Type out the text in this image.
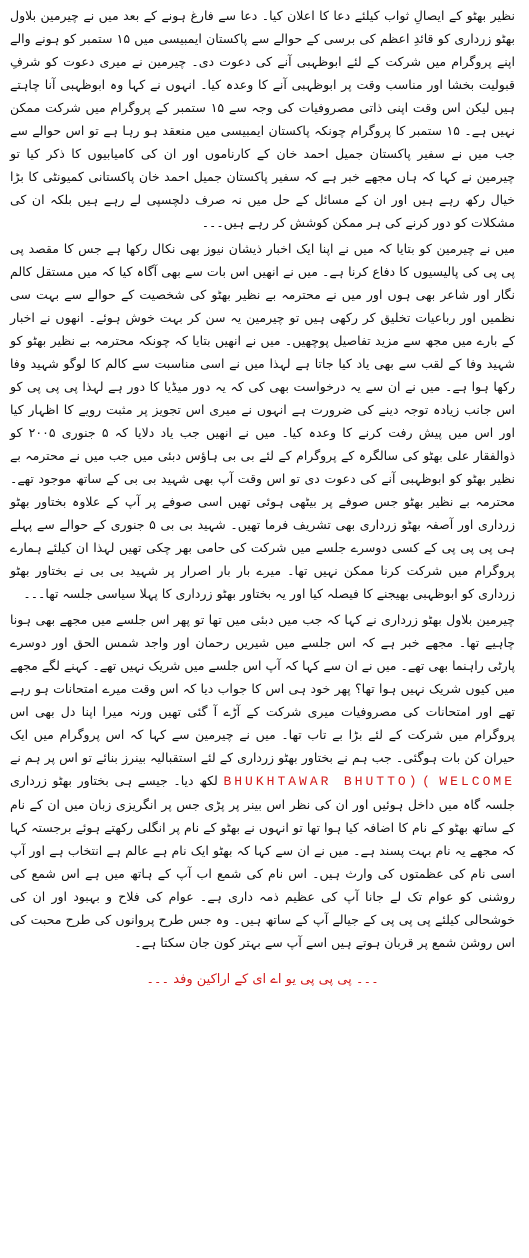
نظیر بھٹو کے ایصالِ ثواب کیلئے دعا کا اعلان کیا۔ دعا سے فارغ ہونے کے بعد میں نے چیرمین بلاول بھٹو زرداری کو قائدِ اعظم کی برسی کے حوالے سے پاکستان ایمبیسی میں ۱۵ ستمبر کو ہونے والے اپنے پروگرام میں شرکت کے لئے ابوظہبی آنے کی دعوت دی۔ چیرمین نے میری دعوت کو شرفِ قبولیت بخشا اور مناسب وقت پر ابوظہبی آنے کا وعدہ کیا۔ انہوں نے کہا وہ ابوظہبی آنا چاہتے ہیں لیکن اس وقت اپنی ذاتی مصروفیات کی وجہ سے ۱۵ ستمبر کے پروگرام میں شرکت ممکن نہیں ہے۔ ۱۵ ستمبر کا پروگرام چونکہ پاکستان ایمبیسی میں منعقد ہو رہا ہے تو اس حوالے سے جب میں نے سفیر پاکستان جمیل احمد خان کے کارناموں اور ان کی کامیابیوں کا ذکر کیا تو چیرمین نے کہا کہ ہاں مجھے خبر ہے کہ سفیر پاکستان جمیل احمد خان پاکستانی کمیونٹی کا بڑا خیال رکھ رہے ہیں اور ان کے مسائل کے حل میں نہ صرف دلچسپی لے رہے ہیں بلکہ ان کی مشکلات کو دور کرنے کی ہر ممکن کوشش کر رہے ہیں۔۔۔

میں نے چیرمین کو بتایا کہ میں نے اپنا ایک اخبار ذیشان نیوز بھی نکال رکھا ہے جس کا مقصد پی پی پی کی پالیسیوں کا دفاع کرنا ہے۔ میں نے انھیں اس بات سے بھی آگاہ کیا کہ میں مستقل کالم نگار اور شاعر بھی ہوں اور میں نے محترمہ بے نظیر بھٹو کی شخصیت کے حوالے سے بہت سی نظمیں اور رباعیات تخلیق کر رکھی ہیں تو چیرمین یہ سن کر بہت خوش ہوئے۔ انھوں نے اخبار کے بارے میں مجھ سے مزید تفاصیل پوچھیں۔ میں نے انھیں بتایا کہ چونکہ محترمہ بے نظیر بھٹو کو شہید وفا کے لقب سے بھی یاد کیا جاتا ہے لہذا میں نے اسی مناسبت سے کالم کا لوگو شہید وفا رکھا ہوا ہے۔ میں نے ان سے یہ درخواست بھی کی کہ یہ دور میڈیا کا دور ہے لہذا پی پی پی کو اس جانب زیادہ توجہ دینے کی ضرورت ہے انہوں نے میری اس تجویز پر مثبت رویے کا اظہار کیا اور اس میں پیش رفت کرنے کا وعدہ کیا۔ میں نے انھیں جب یاد دلایا کہ ۵ جنوری ۲۰۰۵ کو ذوالفقار علی بھٹو کی سالگرہ کے پروگرام کے لئے بی بی ہاؤس دبئی میں جب میں نے محترمہ بے نظیر بھٹو کو ابوظہبی آنے کی دعوت دی تو اس وقت آپ بھی شہید بی بی کے ساتھ موجود تھے۔ محترمہ بے نظیر بھٹو جس صوفے پر بیٹھی ہوئی تھیں اسی صوفے پر آپ کے علاوہ بختاور بھٹو زرداری اور آصفہ بھٹو زرداری بھی تشریف فرما تھیں۔ شہید بی بی ۵ جنوری کے حوالے سے پہلے ہی پی پی پی کے کسی دوسرے جلسے میں شرکت کی حامی بھر چکی تھیں لہذا ان کیلئے ہمارے پروگرام میں شرکت کرنا ممکن نہیں تھا۔ میرے بار بار اصرار پر شہید بی بی نے بختاور بھٹو زرداری کو ابوظہبی بھیجنے کا فیصلہ کیا اور یہ بختاور بھٹو زرداری کا پہلا سیاسی جلسہ تھا۔۔۔

چیرمین بلاول بھٹو زرداری نے کہا کہ جب میں دبئی میں تھا تو پھر اس جلسے میں مجھے بھی ہونا چاہیے تھا۔ مجھے خبر ہے کہ اس جلسے میں شیریں رحمان اور واجد شمس الحق اور دوسرے پارٹی راہنما بھی تھے۔ میں نے ان سے کہا کہ آپ اس جلسے میں شریک نہیں تھے۔ کہنے لگے مجھے میں کیوں شریک نہیں ہوا تھا؟ پھر خود ہی اس کا جواب دیا کہ اس وقت میرے امتحانات ہو رہے تھے اور امتحانات کی مصروفیات میری شرکت کے آڑے آ گئی تھیں ورنہ میرا اپنا دل بھی اس پروگرام میں شرکت کے لئے بڑا بے تاب تھا۔ میں نے چیرمین سے کہا کہ اس پروگرام میں ایک حیران کن بات ہوگئی۔ جب ہم نے بختاور بھٹو زرداری کے لئے استقبالیہ بینرز بنائے تو اس پر ہم نے ( WELCOME BHUKHTAWAR BHUTTO) لکھ دیا۔ جیسے ہی بختاور بھٹو زرداری جلسہ گاہ میں داخل ہوئیں اور ان کی نظر اس بینر پر پڑی جس پر انگریزی زبان میں ان کے نام کے ساتھ بھٹو کے نام کا اضافہ کیا ہوا تھا تو انہوں نے بھٹو کے نام پر انگلی رکھتے ہوئے برجستہ کہا کہ مجھے یہ نام بہت پسند ہے۔ میں نے ان سے کہا کہ بھٹو ایک نام ہے عالم ہے انتخاب ہے اور آپ اسی نام کی عظمتوں کی وارث ہیں۔ اس نام کی شمع اب آپ کے ہاتھ میں ہے اس شمع کی روشنی کو عوام تک لے جانا آپ کی عظیم ذمہ داری ہے۔ عوام کی فلاح و بہبود اور ان کی خوشحالی کیلئے پی پی پی کے جیالے آپ کے ساتھ ہیں۔ وہ جس طرح پروانوں کی طرح محبت کی اس روشن شمع پر قربان ہوتے ہیں اسے آپ سے بہتر کون جان سکتا ہے۔

۔۔۔ پی پی پی یو اے ای کے اراکین وفد ۔۔۔
